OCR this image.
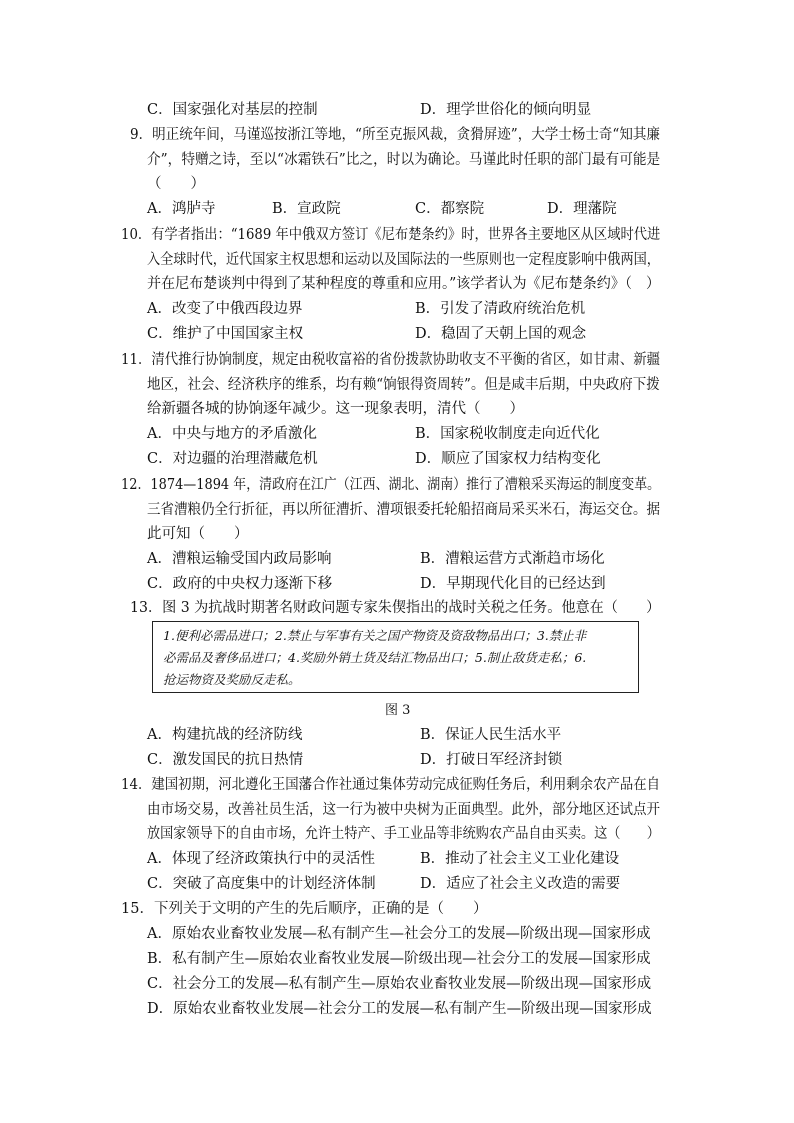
C．国家强化对基层的控制	D．理学世俗化的倾向明显
9．明正统年间，马谨巡按浙江等地，“所至克振风裁，贪猾屏迹”，大学士杨士奇“知其廉
介”，特赠之诗，至以“冰霜铁石”比之，时以为确论。马谨此时任职的部门最有可能是
（　　）
A．鸿胪寺	B．宣政院	C．都察院	D．理藩院
10．有学者指出：“1689 年中俄双方签订《尼布楚条约》时，世界各主要地区从区域时代进
入全球时代，近代国家主权思想和运动以及国际法的一些原则也一定程度影响中俄两国，
并在尼布楚谈判中得到了某种程度的尊重和应用。”该学者认为《尼布楚条约》（　）
A．改变了中俄西段边界	B．引发了清政府统治危机
C．维护了中国国家主权	D．稳固了天朝上国的观念
11．清代推行协饷制度，规定由税收富裕的省份拨款协助收支不平衡的省区，如甘肃、新疆
地区，社会、经济秩序的维系，均有赖“饷银得资周转”。但是咸丰后期，中央政府下拨
给新疆各城的协饷逐年减少。这一现象表明，清代（　　）
A．中央与地方的矛盾激化	B．国家税收制度走向近代化
C．对边疆的治理潜藏危机	D．顺应了国家权力结构变化
12．1874—1894 年，清政府在江广（江西、湖北、湖南）推行了漕粮采买海运的制度变革。
三省漕粮仍全行折征，再以所征漕折、漕项银委托轮船招商局采买米石，海运交仓。据
此可知（　　）
A．漕粮运输受国内政局影响	B．漕粮运营方式渐趋市场化
C．政府的中央权力逐渐下移	D．早期现代化目的已经达到
13．图 3 为抗战时期著名财政问题专家朱偰指出的战时关税之任务。他意在（　　）
1.便利必需品进口；2.禁止与军事有关之国产物资及资敌物品出口；3.禁止非
必需品及奢侈品进口；4.奖励外销土货及结汇物品出口；5.制止敌货走私；6.
抢运物资及奖励反走私。
图 3
A．构建抗战的经济防线	B．保证人民生活水平
C．激发国民的抗日热情	D．打破日军经济封锁
14．建国初期，河北遵化王国藩合作社通过集体劳动完成征购任务后，利用剩余农产品在自
由市场交易，改善社员生活，这一行为被中央树为正面典型。此外，部分地区还试点开
放国家领导下的自由市场，允许土特产、手工业品等非统购农产品自由买卖。这（　　）
A．体现了经济政策执行中的灵活性	B．推动了社会主义工业化建设
C．突破了高度集中的计划经济体制	D．适应了社会主义改造的需要
15．下列关于文明的产生的先后顺序，正确的是（　　）
A．原始农业畜牧业发展—私有制产生—社会分工的发展—阶级出现—国家形成
B．私有制产生—原始农业畜牧业发展—阶级出现—社会分工的发展—国家形成
C．社会分工的发展—私有制产生—原始农业畜牧业发展—阶级出现—国家形成
D．原始农业畜牧业发展—社会分工的发展—私有制产生—阶级出现—国家形成
